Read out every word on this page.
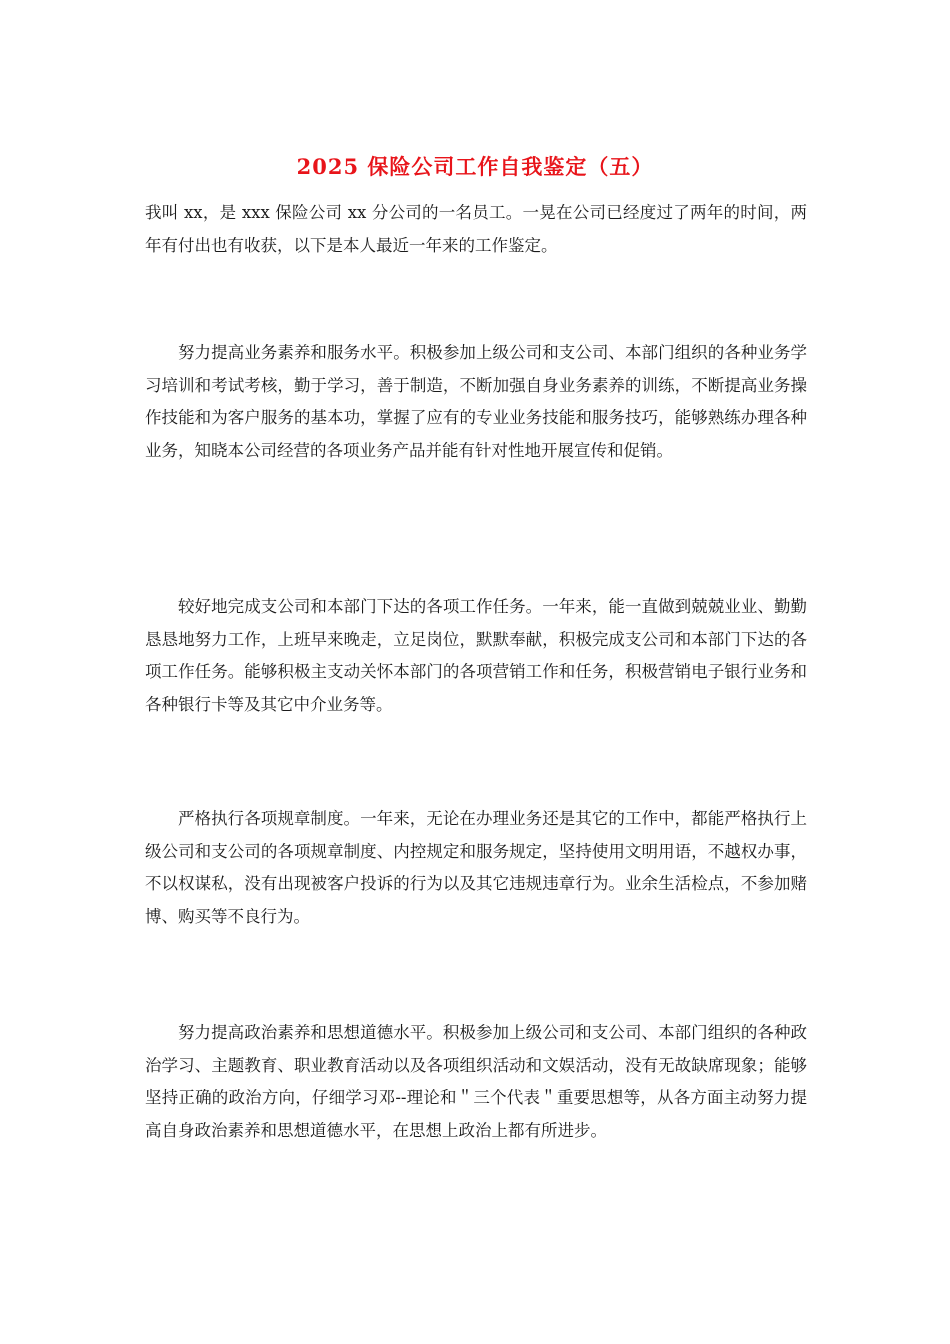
2025 保险公司工作自我鉴定（五）

我叫 xx，是 xxx 保险公司 xx 分公司的一名员工。一晃在公司已经度过了两年的时间，两年有付出也有收获，以下是本人最近一年来的工作鉴定。

努力提高业务素养和服务水平。积极参加上级公司和支公司、本部门组织的各种业务学习培训和考试考核，勤于学习，善于制造，不断加强自身业务素养的训练，不断提高业务操作技能和为客户服务的基本功，掌握了应有的专业业务技能和服务技巧，能够熟练办理各种业务，知晓本公司经营的各项业务产品并能有针对性地开展宣传和促销。

较好地完成支公司和本部门下达的各项工作任务。一年来，能一直做到兢兢业业、勤勤恳恳地努力工作，上班早来晚走，立足岗位，默默奉献，积极完成支公司和本部门下达的各项工作任务。能够积极主支动关怀本部门的各项营销工作和任务，积极营销电子银行业务和各种银行卡等及其它中介业务等。

严格执行各项规章制度。一年来，无论在办理业务还是其它的工作中，都能严格执行上级公司和支公司的各项规章制度、内控规定和服务规定，坚持使用文明用语，不越权办事，不以权谋私，没有出现被客户投诉的行为以及其它违规违章行为。业余生活检点，不参加赌博、购买等不良行为。

努力提高政治素养和思想道德水平。积极参加上级公司和支公司、本部门组织的各种政治学习、主题教育、职业教育活动以及各项组织活动和文娱活动，没有无故缺席现象；能够坚持正确的政治方向，仔细学习邓--理论和＂三个代表＂重要思想等，从各方面主动努力提高自身政治素养和思想道德水平，在思想上政治上都有所进步。
